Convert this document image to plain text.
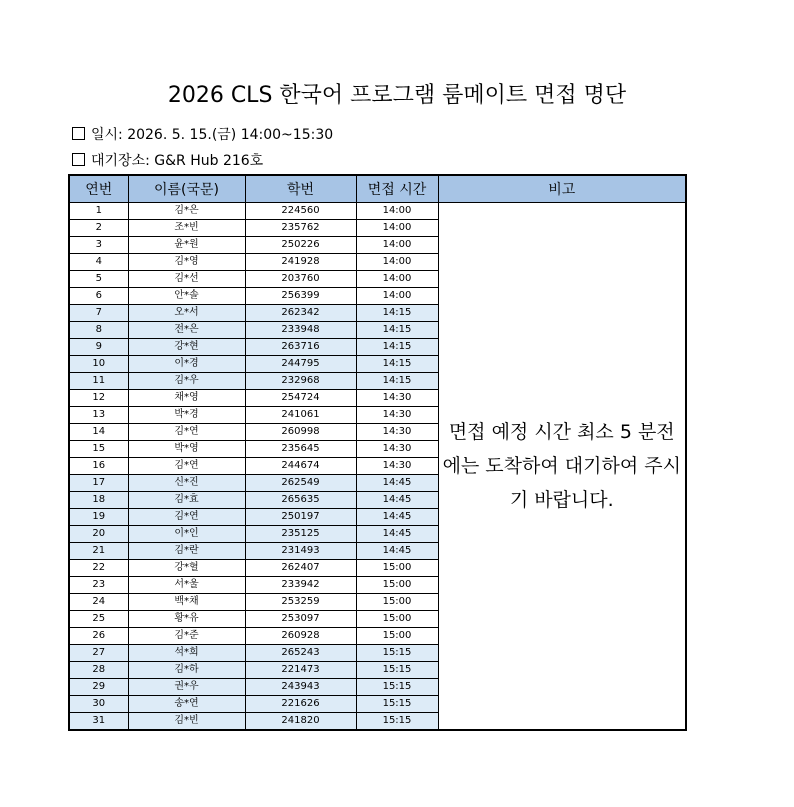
2026 CLS 한국어 프로그램 룸메이트 면접 명단
일시: 2026. 5. 15.(금) 14:00~15:30
대기장소: G&R Hub 216호
연번	이름(국문)	학번	면접 시간	비고
1	김*은	224560	14:00	면접 예정 시간 최소 5 분전에는 도착하여 대기하여 주시기 바랍니다.
2	조*빈	235762	14:00	
3	윤*원	250226	14:00	
4	김*영	241928	14:00	
5	김*선	203760	14:00	
6	안*솔	256399	14:00	
7	오*서	262342	14:15	
8	전*은	233948	14:15	
9	강*현	263716	14:15	
10	이*경	244795	14:15	
11	김*우	232968	14:15	
12	채*영	254724	14:30	
13	박*경	241061	14:30	
14	김*연	260998	14:30	
15	박*영	235645	14:30	
16	김*연	244674	14:30	
17	신*진	262549	14:45	
18	김*효	265635	14:45	
19	김*연	250197	14:45	
20	이*인	235125	14:45	
21	김*란	231493	14:45	
22	강*혈	262407	15:00	
23	서*울	233942	15:00	
24	백*채	253259	15:00	
25	황*유	253097	15:00	
26	김*준	260928	15:00	
27	석*희	265243	15:15	
28	김*하	221473	15:15	
29	권*우	243943	15:15	
30	송*연	221626	15:15	
31	김*빈	241820	15:15	
